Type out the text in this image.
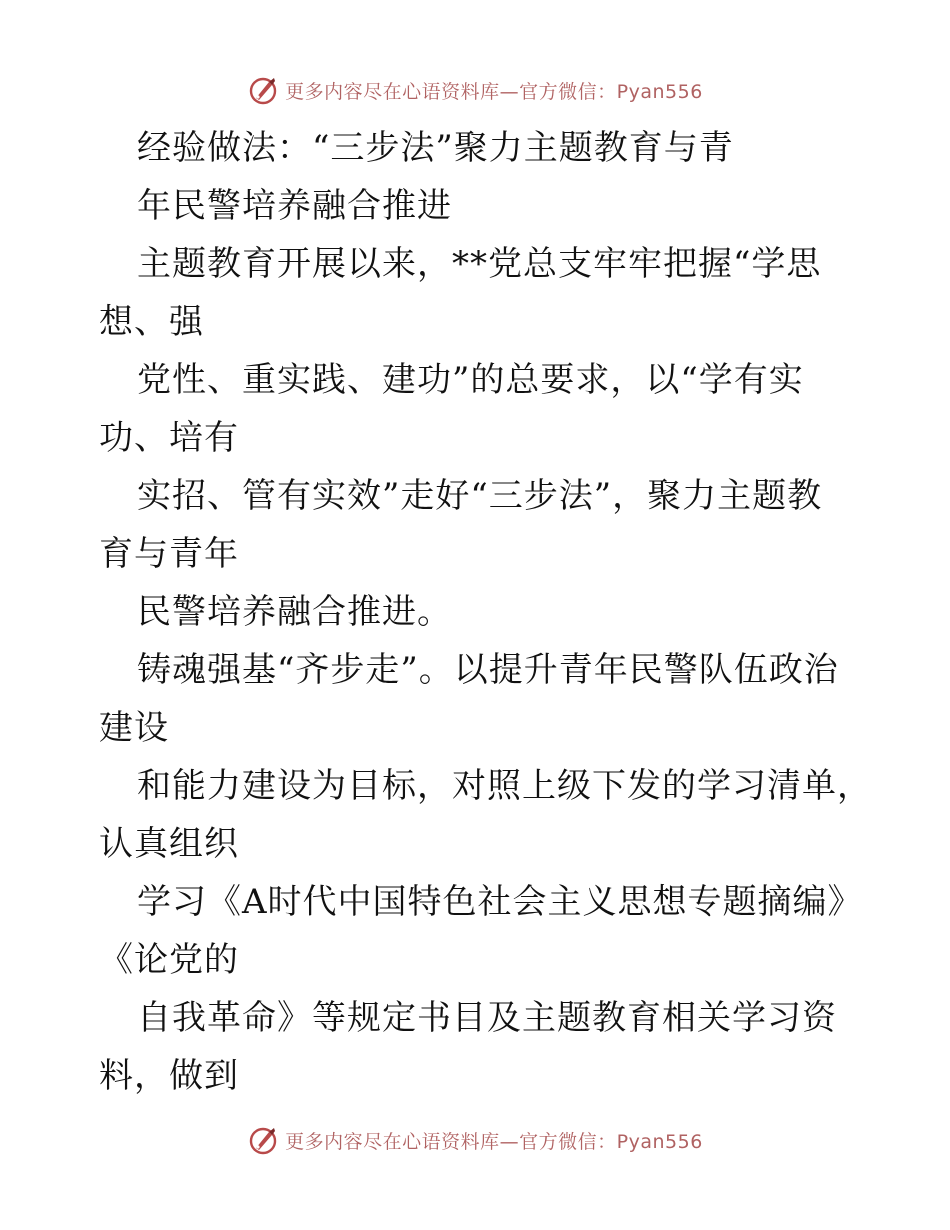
更多内容尽在心语资料库—官方微信：Pyan556
经验做法：“三步法”聚力主题教育与青
年民警培养融合推进
主题教育开展以来，**党总支牢牢把握“学思
想、强
党性、重实践、建功”的总要求，以“学有实
功、培有
实招、管有实效”走好“三步法”，聚力主题教
育与青年
民警培养融合推进。
铸魂强基“齐步走”。以提升青年民警队伍政治
建设
和能力建设为目标，对照上级下发的学习清单，
认真组织
学习《A时代中国特色社会主义思想专题摘编》
《论党的
自我革命》等规定书目及主题教育相关学习资
料，做到
更多内容尽在心语资料库—官方微信：Pyan556
